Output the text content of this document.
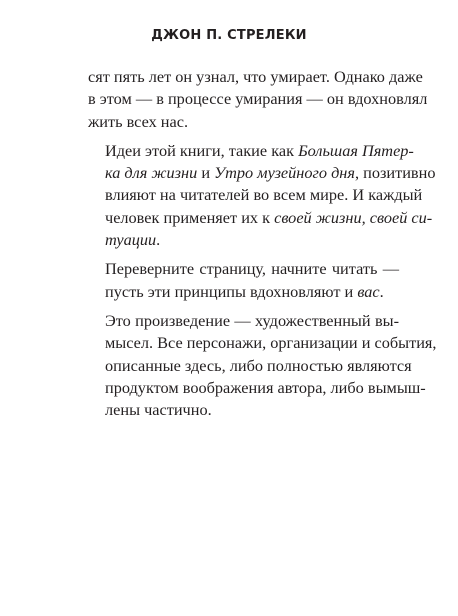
ДЖОН П. СТРЕЛЕКИ

сят пять лет он узнал, что умирает. Однако даже
в этом — в процессе умирания — он вдохновлял
жить всех нас.

Идеи этой книги, такие как Большая Пятер-
ка для жизни и Утро музейного дня, позитивно
влияют на читателей во всем мире. И каждый
человек применяет их к своей жизни, своей си-
туации.

Переверните страницу, начните читать —
пусть эти принципы вдохновляют и вас.

Это произведение — художественный вы-
мысел. Все персонажи, организации и события,
описанные здесь, либо полностью являются
продуктом воображения автора, либо вымыш-
лены частично.
